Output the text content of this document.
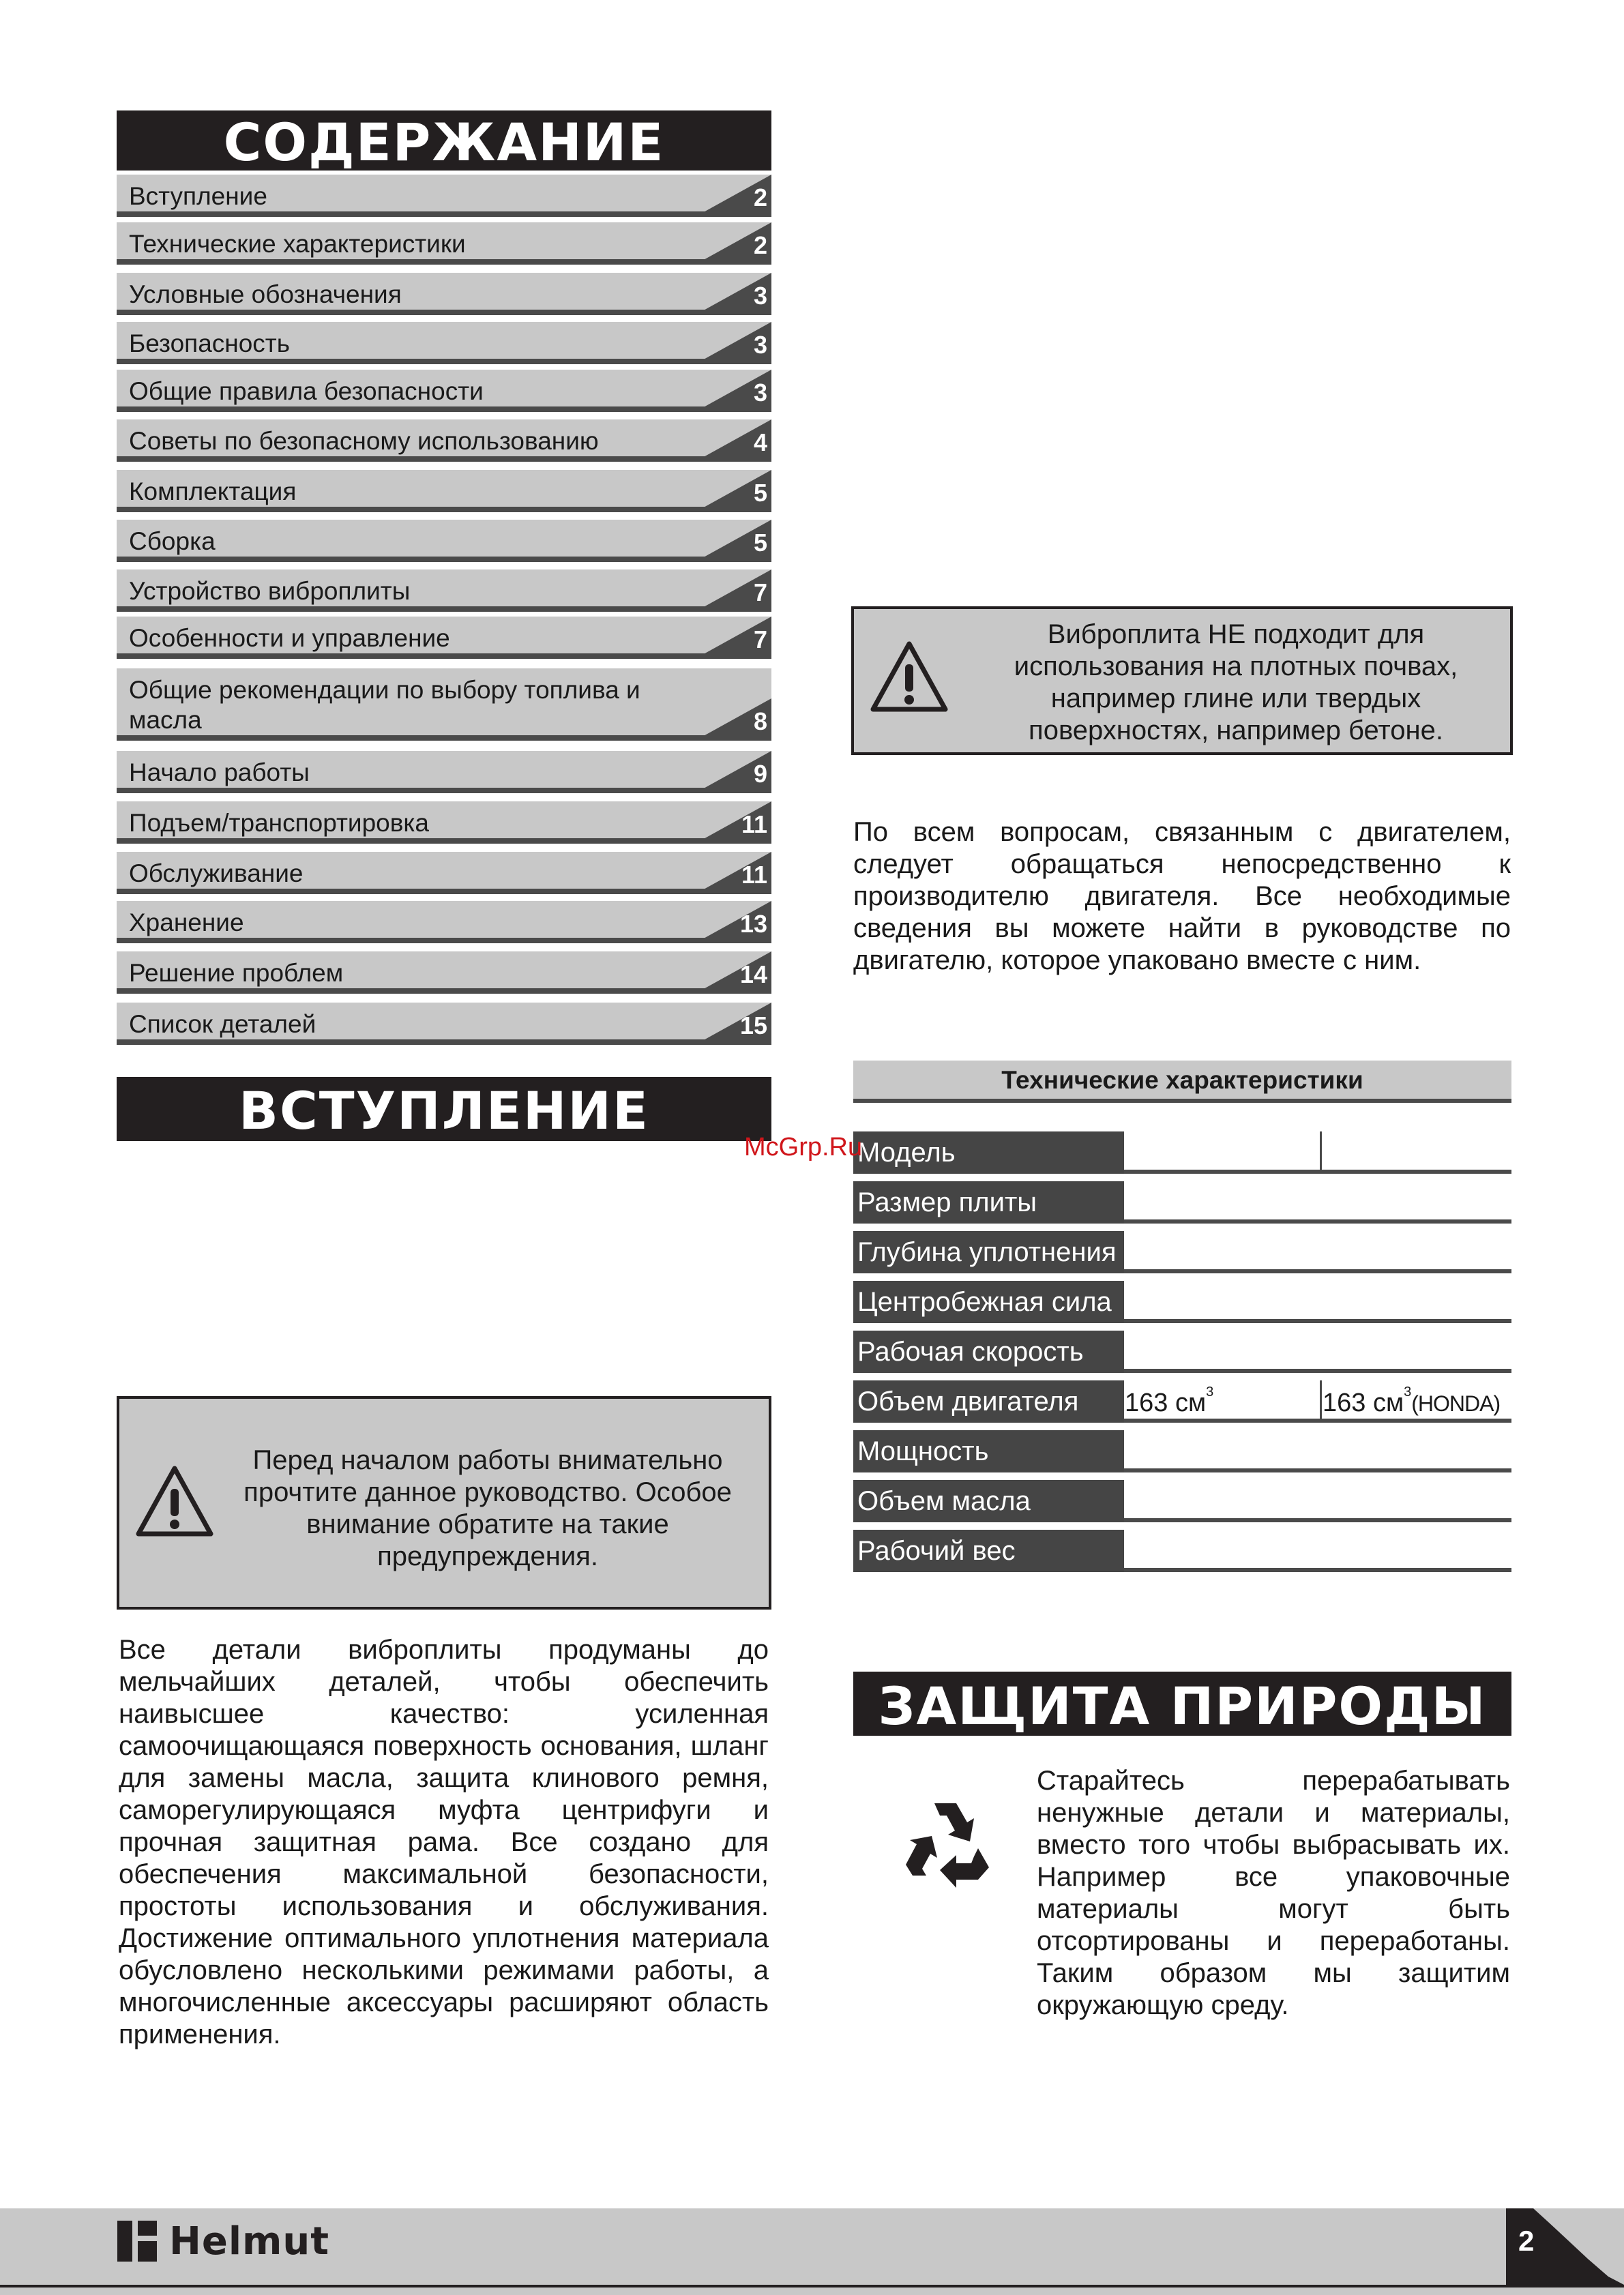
СОДЕРЖАНИЕ
Вступление	2
Технические характеристики	2
Условные обозначения	3
Безопасность	3
Общие правила безопасности	3
Советы по безопасному использованию	4
Комплектация	5
Сборка	5
Устройство виброплиты	7
Особенности и управление	7
Общие рекомендации по выбору топлива и масла	8
Начало работы	9
Подъем/транспортировка	11
Обслуживание	11
Хранение	13
Решение проблем	14
Список деталей	15
ВСТУПЛЕНИЕ
Перед началом работы внимательно прочтите данное руководство. Особое внимание обратите на такие предупреждения.
Все детали виброплиты продуманы до мельчайших деталей, чтобы обеспечить наивысшее качество: усиленная самоочищающаяся поверхность основания, шланг для замены масла, защита клинового ремня, саморегулирующаяся муфта центрифуги и прочная защитная рама. Все создано для обеспечения максимальной безопасности, простоты использования и обслуживания. Достижение оптимального уплотнения материала обусловлено несколькими режимами работы, а многочисленные аксессуары расширяют область применения.
Виброплита НЕ подходит для использования на плотных почвах, например глине или твердых поверхностях, например бетоне.
По всем вопросам, связанным с двигателем, следует обращаться непосредственно к производителю двигателя. Все необходимые сведения вы можете найти в руководстве по двигателю, которое упаковано вместе с ним.
Технические характеристики
Модель
Размер плиты
Глубина уплотнения
Центробежная сила
Рабочая скорость
Объем двигателя	163 $см^3$	163 $см^3(HONDA)$
Мощность
Объем масла
Рабочий вес
ЗАЩИТА ПРИРОДЫ
Старайтесь перерабатывать ненужные детали и материалы, вместо того чтобы выбрасывать их. Например все упаковочные материалы могут быть отсортированы и переработаны. Таким образом мы защитим окружающую среду.
McGrp.Ru
Helmut	2
